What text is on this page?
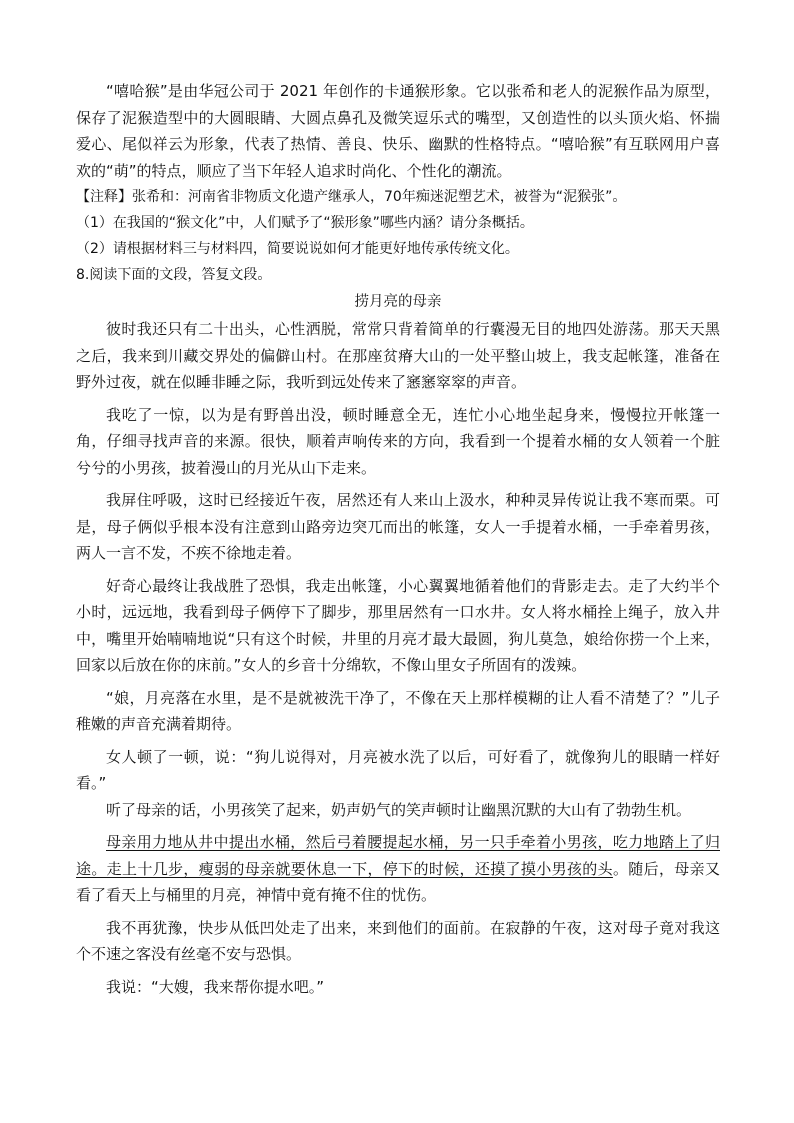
“嘻哈猴”是由华冠公司于 2021 年创作的卡通猴形象。它以张希和老人的泥猴作品为原型，保存了泥猴造型中的大圆眼睛、大圆点鼻孔及微笑逗乐式的嘴型，又创造性的以头顶火焰、怀揣爱心、尾似祥云为形象，代表了热情、善良、快乐、幽默的性格特点。“嘻哈猴”有互联网用户喜欢的“萌”的特点，顺应了当下年轻人追求时尚化、个性化的潮流。

【注释】张希和：河南省非物质文化遗产继承人，70年痴迷泥塑艺术，被誉为“泥猴张”。

（1）在我国的“猴文化”中，人们赋予了“猴形象”哪些内涵？请分条概括。

（2）请根据材料三与材料四，简要说说如何才能更好地传承传统文化。

8.阅读下面的文段，答复文段。

捞月亮的母亲

彼时我还只有二十出头，心性洒脱，常常只背着简单的行囊漫无目的地四处游荡。那天天黑之后，我来到川藏交界处的偏僻山村。在那座贫瘠大山的一处平整山坡上，我支起帐篷，准备在野外过夜，就在似睡非睡之际，我听到远处传来了窸窸窣窣的声音。

我吃了一惊，以为是有野兽出没，顿时睡意全无，连忙小心地坐起身来，慢慢拉开帐篷一角，仔细寻找声音的来源。很快，顺着声响传来的方向，我看到一个提着水桶的女人领着一个脏兮兮的小男孩，披着漫山的月光从山下走来。

我屏住呼吸，这时已经接近午夜，居然还有人来山上汲水，种种灵异传说让我不寒而栗。可是，母子俩似乎根本没有注意到山路旁边突兀而出的帐篷，女人一手提着水桶，一手牵着男孩，两人一言不发，不疾不徐地走着。

好奇心最终让我战胜了恐惧，我走出帐篷，小心翼翼地循着他们的背影走去。走了大约半个小时，远远地，我看到母子俩停下了脚步，那里居然有一口水井。女人将水桶拴上绳子，放入井中，嘴里开始喃喃地说“只有这个时候，井里的月亮才最大最圆，狗儿莫急，娘给你捞一个上来，回家以后放在你的床前。”女人的乡音十分绵软，不像山里女子所固有的泼辣。

“娘，月亮落在水里，是不是就被洗干净了，不像在天上那样模糊的让人看不清楚了？”儿子稚嫩的声音充满着期待。

女人顿了一顿，说：“狗儿说得对，月亮被水洗了以后，可好看了，就像狗儿的眼睛一样好看。”

听了母亲的话，小男孩笑了起来，奶声奶气的笑声顿时让幽黑沉默的大山有了勃勃生机。

母亲用力地从井中提出水桶，然后弓着腰提起水桶，另一只手牵着小男孩，吃力地踏上了归途。走上十几步，瘦弱的母亲就要休息一下，停下的时候，还摸了摸小男孩的头。随后，母亲又看了看天上与桶里的月亮，神情中竟有掩不住的忧伤。

我不再犹豫，快步从低凹处走了出来，来到他们的面前。在寂静的午夜，这对母子竟对我这个不速之客没有丝毫不安与恐惧。

我说：“大嫂，我来帮你提水吧。”
